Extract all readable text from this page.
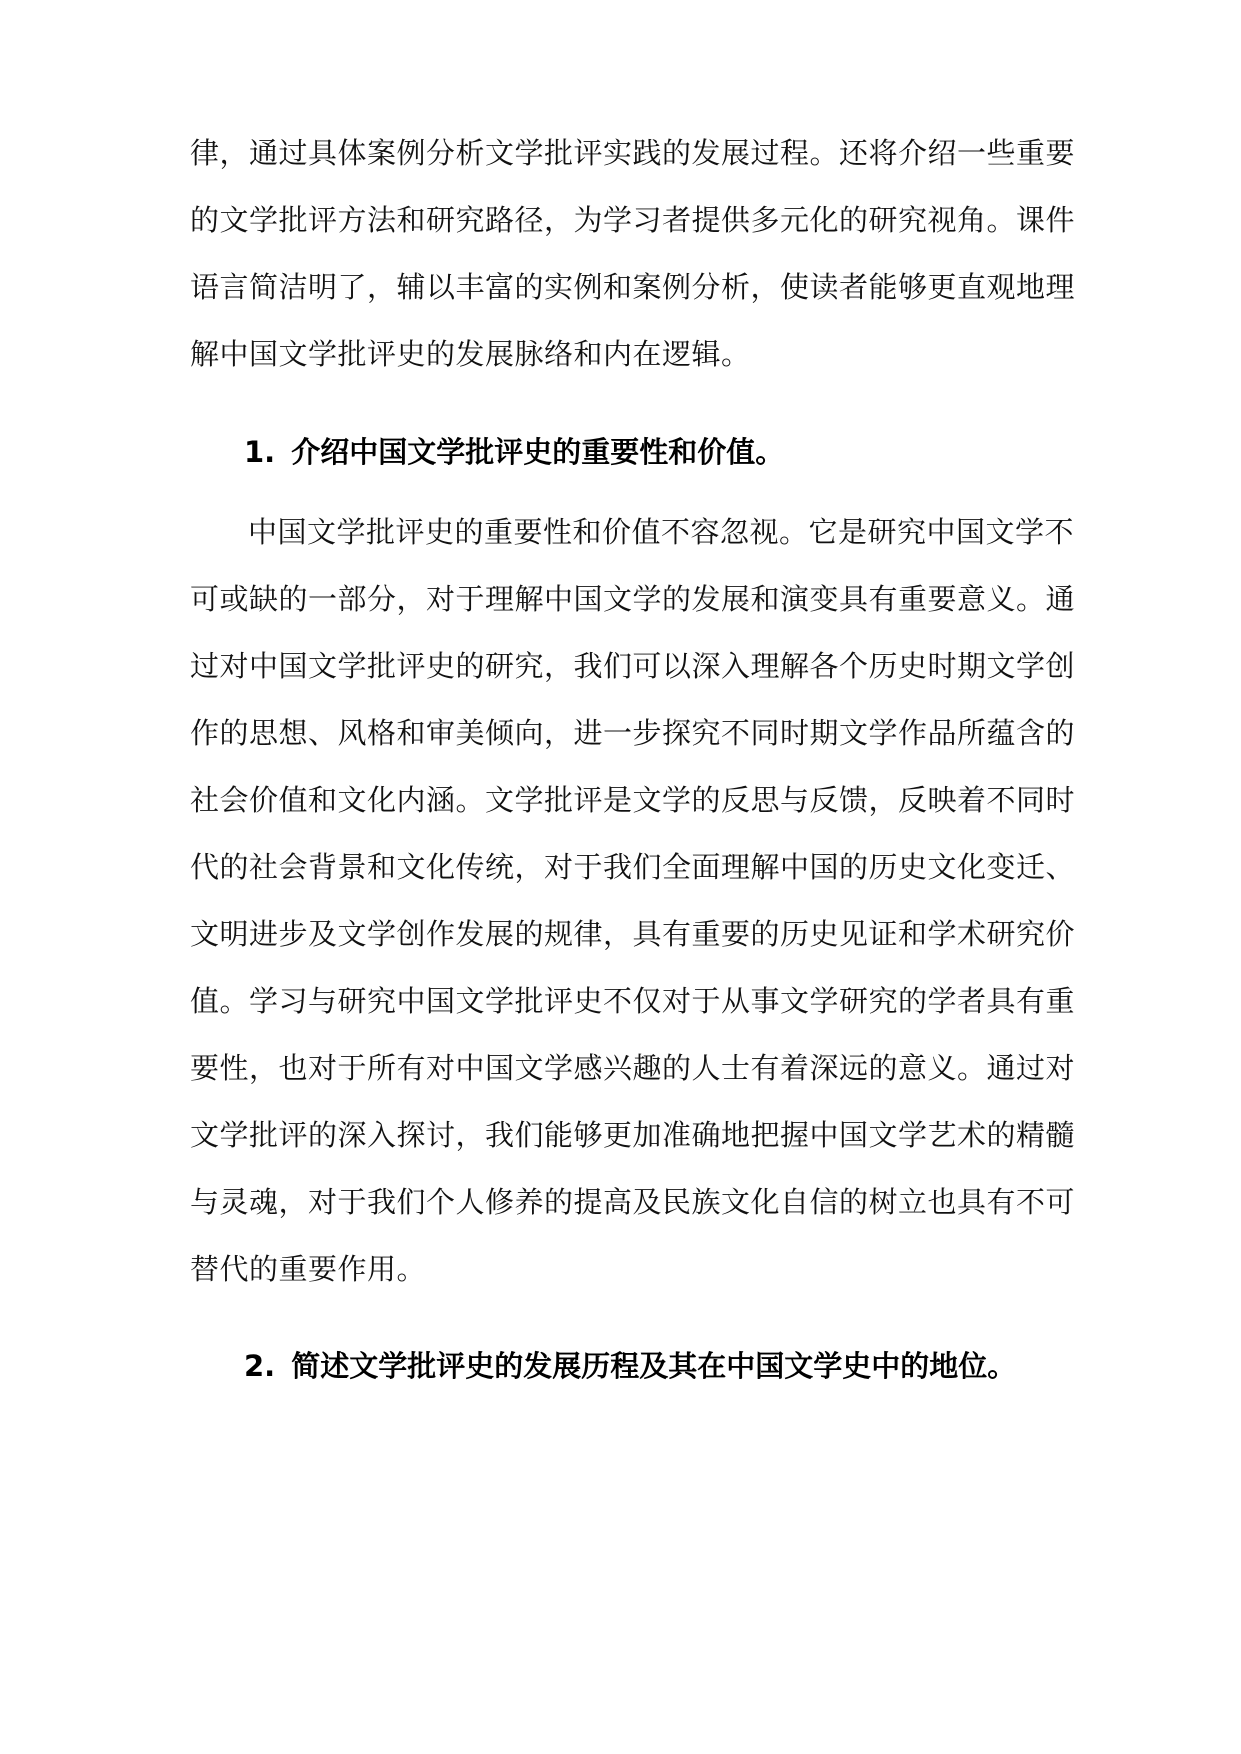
律，通过具体案例分析文学批评实践的发展过程。还将介绍一些重要
的文学批评方法和研究路径，为学习者提供多元化的研究视角。课件
语言简洁明了，辅以丰富的实例和案例分析，使读者能够更直观地理
解中国文学批评史的发展脉络和内在逻辑。
1. 介绍中国文学批评史的重要性和价值。
中国文学批评史的重要性和价值不容忽视。它是研究中国文学不
可或缺的一部分，对于理解中国文学的发展和演变具有重要意义。通
过对中国文学批评史的研究，我们可以深入理解各个历史时期文学创
作的思想、风格和审美倾向，进一步探究不同时期文学作品所蕴含的
社会价值和文化内涵。文学批评是文学的反思与反馈，反映着不同时
代的社会背景和文化传统，对于我们全面理解中国的历史文化变迁、
文明进步及文学创作发展的规律，具有重要的历史见证和学术研究价
值。学习与研究中国文学批评史不仅对于从事文学研究的学者具有重
要性，也对于所有对中国文学感兴趣的人士有着深远的意义。通过对
文学批评的深入探讨，我们能够更加准确地把握中国文学艺术的精髓
与灵魂，对于我们个人修养的提高及民族文化自信的树立也具有不可
替代的重要作用。
2. 简述文学批评史的发展历程及其在中国文学史中的地位。
